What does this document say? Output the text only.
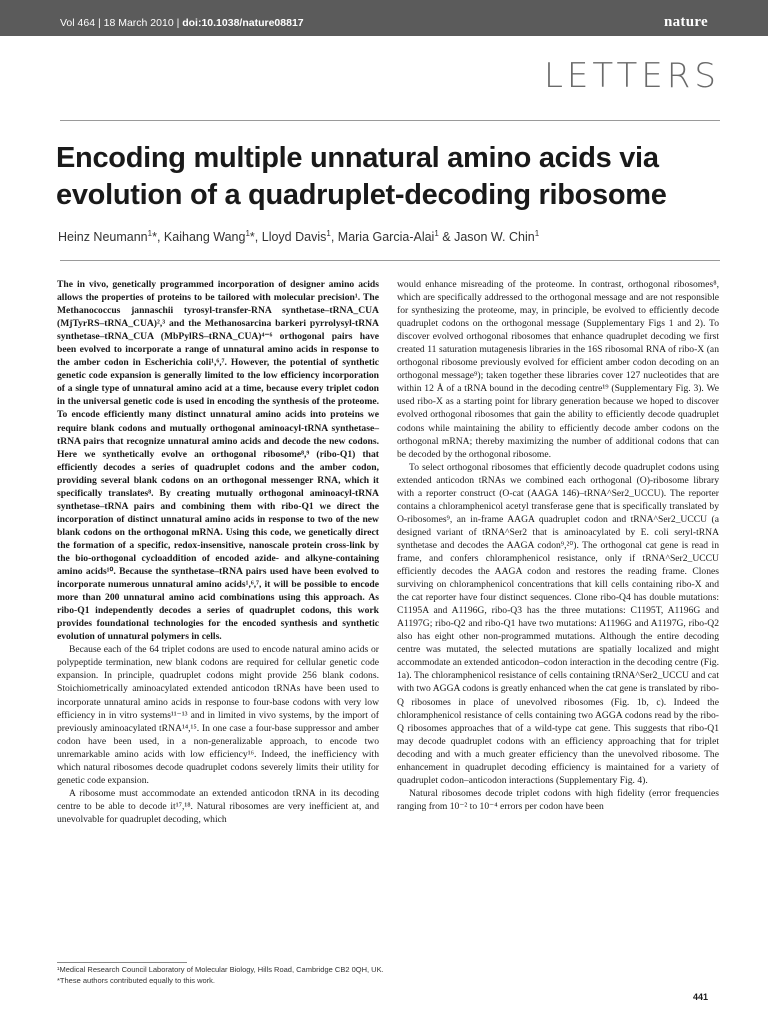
Vol 464 | 18 March 2010 | doi:10.1038/nature08817	nature
LETTERS
Encoding multiple unnatural amino acids via evolution of a quadruplet-decoding ribosome
Heinz Neumann$^1$*, Kaihang Wang$^1$*, Lloyd Davis$^1$, Maria Garcia-Alai$^1$ & Jason W. Chin$^1$

The in vivo, genetically programmed incorporation of designer amino acids allows the properties of proteins to be tailored with molecular precision¹. The Methanococcus jannaschii tyrosyl-transfer-RNA synthetase–tRNA_CUA (MjTyrRS–tRNA_CUA)²,³ and the Methanosarcina barkeri pyrrolysyl-tRNA synthetase–tRNA_CUA (MbPylRS–tRNA_CUA)⁴⁻⁶ orthogonal pairs have been evolved to incorporate a range of unnatural amino acids in response to the amber codon in Escherichia coli¹,⁶,⁷. However, the potential of synthetic genetic code expansion is generally limited to the low efficiency incorporation of a single type of unnatural amino acid at a time, because every triplet codon in the universal genetic code is used in encoding the synthesis of the proteome. To encode efficiently many distinct unnatural amino acids into proteins we require blank codons and mutually orthogonal aminoacyl-tRNA synthetase–tRNA pairs that recognize unnatural amino acids and decode the new codons. Here we synthetically evolve an orthogonal ribosome⁸,⁹ (ribo-Q1) that efficiently decodes a series of quadruplet codons and the amber codon, providing several blank codons on an orthogonal messenger RNA, which it specifically translates⁸. By creating mutually orthogonal aminoacyl-tRNA synthetase–tRNA pairs and combining them with ribo-Q1 we direct the incorporation of distinct unnatural amino acids in response to two of the new blank codons on the orthogonal mRNA. Using this code, we genetically direct the formation of a specific, redox-insensitive, nanoscale protein cross-link by the bio-orthogonal cycloaddition of encoded azide- and alkyne-containing amino acids¹⁰. Because the synthetase–tRNA pairs used have been evolved to incorporate numerous unnatural amino acids¹,⁶,⁷, it will be possible to encode more than 200 unnatural amino acid combinations using this approach. As ribo-Q1 independently decodes a series of quadruplet codons, this work provides foundational technologies for the encoded synthesis and synthetic evolution of unnatural polymers in cells.

Because each of the 64 triplet codons are used to encode natural amino acids or polypeptide termination, new blank codons are required for cellular genetic code expansion. In principle, quadruplet codons might provide 256 blank codons. Stoichiometrically aminoacylated extended anticodon tRNAs have been used to incorporate unnatural amino acids in response to four-base codons with very low efficiency in in vitro systems¹¹⁻¹³ and in limited in vivo systems, by the import of previously aminoacylated tRNA¹⁴,¹⁵. In one case a four-base suppressor and amber codon have been used, in a non-generalizable approach, to encode two unremarkable amino acids with low efficiency¹⁶. Indeed, the inefficiency with which natural ribosomes decode quadruplet codons severely limits their utility for genetic code expansion.

A ribosome must accommodate an extended anticodon tRNA in its decoding centre to be able to decode it¹⁷,¹⁸. Natural ribosomes are very inefficient at, and unevolvable for quadruplet decoding, which

would enhance misreading of the proteome. In contrast, orthogonal ribosomes⁸, which are specifically addressed to the orthogonal message and are not responsible for synthesizing the proteome, may, in principle, be evolved to efficiently decode quadruplet codons on the orthogonal message (Supplementary Figs 1 and 2). To discover evolved orthogonal ribosomes that enhance quadruplet decoding we first created 11 saturation mutagenesis libraries in the 16S ribosomal RNA of ribo-X (an orthogonal ribosome previously evolved for efficient amber codon decoding on an orthogonal message⁹); taken together these libraries cover 127 nucleotides that are within 12 Å of a tRNA bound in the decoding centre¹⁹ (Supplementary Fig. 3). We used ribo-X as a starting point for library generation because we hoped to discover evolved orthogonal ribosomes that gain the ability to efficiently decode quadruplet codons while maintaining the ability to efficiently decode amber codons on the orthogonal mRNA; thereby maximizing the number of additional codons that can be decoded by the orthogonal ribosome.

To select orthogonal ribosomes that efficiently decode quadruplet codons using extended anticodon tRNAs we combined each orthogonal (O)-ribosome library with a reporter construct (O-cat (AAGA 146)–tRNA^Ser2_UCCU). The reporter contains a chloramphenicol acetyl transferase gene that is specifically translated by O-ribosomes⁹, an in-frame AAGA quadruplet codon and tRNA^Ser2_UCCU (a designed variant of tRNA^Ser2 that is aminoacylated by E. coli seryl-tRNA synthetase and decodes the AAGA codon⁹,²⁰). The orthogonal cat gene is read in frame, and confers chloramphenicol resistance, only if tRNA^Ser2_UCCU efficiently decodes the AAGA codon and restores the reading frame. Clones surviving on chloramphenicol concentrations that kill cells containing ribo-X and the cat reporter have four distinct sequences. Clone ribo-Q4 has double mutations: C1195A and A1196G, ribo-Q3 has the three mutations: C1195T, A1196G and A1197G; ribo-Q2 and ribo-Q1 have two mutations: A1196G and A1197G, ribo-Q2 also has eight other non-programmed mutations. Although the entire decoding centre was mutated, the selected mutations are spatially localized and might accommodate an extended anticodon–codon interaction in the decoding centre (Fig. 1a). The chloramphenicol resistance of cells containing tRNA^Ser2_UCCU and cat with two AGGA codons is greatly enhanced when the cat gene is translated by ribo-Q ribosomes in place of unevolved ribosomes (Fig. 1b, c). Indeed the chloramphenicol resistance of cells containing two AGGA codons read by the ribo-Q ribosomes approaches that of a wild-type cat gene. This suggests that ribo-Q1 may decode quadruplet codons with an efficiency approaching that for triplet decoding and with a much greater efficiency than the unevolved ribosome. The enhancement in quadruplet decoding efficiency is maintained for a variety of quadruplet codon–anticodon interactions (Supplementary Fig. 4).

Natural ribosomes decode triplet codons with high fidelity (error frequencies ranging from 10⁻² to 10⁻⁴ errors per codon have been

¹Medical Research Council Laboratory of Molecular Biology, Hills Road, Cambridge CB2 0QH, UK.
*These authors contributed equally to this work.
441
